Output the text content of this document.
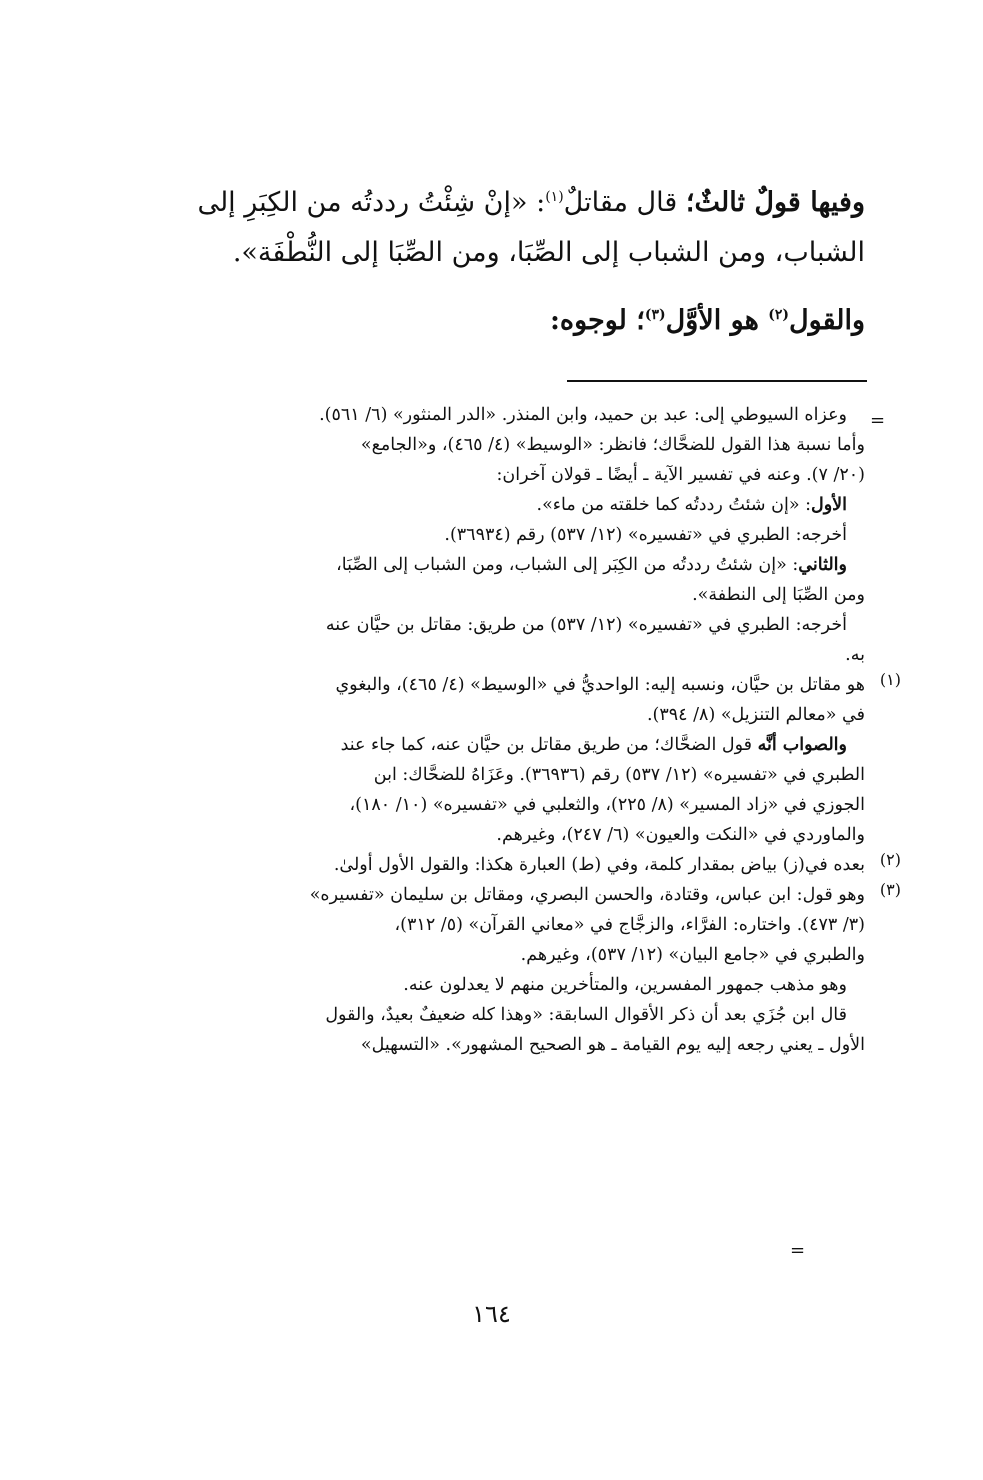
وفيها قولٌ ثالثٌ؛ قال مقاتلٌ$^{(١)}$: «إنْ شِئْتُ رددتُه من الكِبَرِ إلى

الشباب، ومن الشباب إلى الصِّبَا، ومن الصِّبَا إلى النُّطْفَة».

والقول$^{(٢)}$ هو الأوَّل$^{(٣)}$؛ لوجوه:

=

وعزاه السيوطي إلى: عبد بن حميد، وابن المنذر. «الدر المنثور» (٦/ ٥٦١).

وأما نسبة هذا القول للضحَّاك؛ فانظر: «الوسيط» (٤/ ٤٦٥)، و«الجامع»

(٢٠/ ٧). وعنه في تفسير الآية ـ أيضًا ـ قولان آخران:

الأول: «إن شئتُ رددتُه كما خلقته من ماء».

أخرجه: الطبري في «تفسيره» (١٢/ ٥٣٧) رقم (٣٦٩٣٤).

والثاني: «إن شئتُ رددتُه من الكِبَر إلى الشباب، ومن الشباب إلى الصِّبَا،

ومن الصِّبَا إلى النطفة».

أخرجه: الطبري في «تفسيره» (١٢/ ٥٣٧) من طريق: مقاتل بن حيَّان عنه

به.

(١)

هو مقاتل بن حيَّان، ونسبه إليه: الواحديُّ في «الوسيط» (٤/ ٤٦٥)، والبغوي

في «معالم التنزيل» (٨/ ٣٩٤).

والصواب أنَّه قول الضحَّاك؛ من طريق مقاتل بن حيَّان عنه، كما جاء عند

الطبري في «تفسيره» (١٢/ ٥٣٧) رقم (٣٦٩٣٦). وعَزَاهُ للضحَّاك: ابن

الجوزي في «زاد المسير» (٨/ ٢٢٥)، والثعلبي في «تفسيره» (١٠/ ١٨٠)،

والماوردي في «النكت والعيون» (٦/ ٢٤٧)، وغيرهم.

(٢)

بعده في(ز) بياض بمقدار كلمة، وفي (ط) العبارة هكذا: والقول الأول أولىٰ.

(٣)

وهو قول: ابن عباس، وقتادة، والحسن البصري، ومقاتل بن سليمان «تفسيره»

(٣/ ٤٧٣). واختاره: الفرَّاء، والزجَّاج في «معاني القرآن» (٥/ ٣١٢)،

والطبري في «جامع البيان» (١٢/ ٥٣٧)، وغيرهم.

وهو مذهب جمهور المفسرين، والمتأخرين منهم لا يعدلون عنه.

قال ابن جُزَي بعد أن ذكر الأقوال السابقة: «وهذا كله ضعيفٌ بعيدٌ، والقول

الأول ـ يعني رجعه إليه يوم القيامة ـ هو الصحيح المشهور». «التسهيل»

=
١٦٤
